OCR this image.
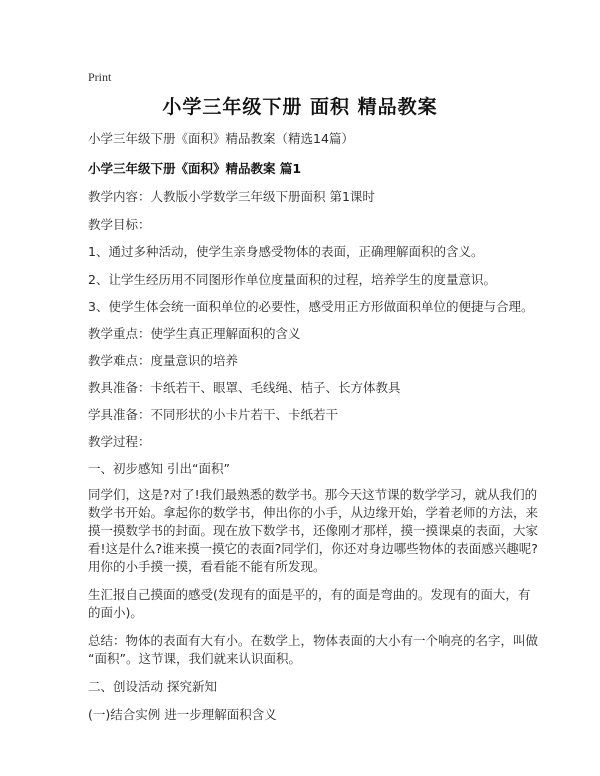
Print
小学三年级下册 面积 精品教案
小学三年级下册《面积》精品教案（精选14篇）
小学三年级下册《面积》精品教案 篇1
教学内容：人教版小学数学三年级下册面积 第1课时
教学目标：
1、通过多种活动，使学生亲身感受物体的表面，正确理解面积的含义。
2、让学生经历用不同图形作单位度量面积的过程，培养学生的度量意识。
3、使学生体会统一面积单位的必要性，感受用正方形做面积单位的便捷与合理。
教学重点：使学生真正理解面积的含义
教学难点：度量意识的培养
教具准备：卡纸若干、眼罩、毛线绳、桔子、长方体教具
学具准备：不同形状的小卡片若干、卡纸若干
教学过程：
一、初步感知 引出“面积”
同学们，这是?对了!我们最熟悉的数学书。那今天这节课的数学学习，就从我们的
数学书开始。拿起你的数学书，伸出你的小手，从边缘开始，学着老师的方法，来
摸一摸数学书的封面。现在放下数学书，还像刚才那样，摸一摸课桌的表面，大家
看!这是什么?谁来摸一摸它的表面?同学们，你还对身边哪些物体的表面感兴趣呢?
用你的小手摸一摸，看看能不能有所发现。
生汇报自己摸面的感受(发现有的面是平的，有的面是弯曲的。发现有的面大，有
的面小)。
总结：物体的表面有大有小。在数学上，物体表面的大小有一个响亮的名字，叫做
“面积”。这节课，我们就来认识面积。
二、创设活动 探究新知
(一)结合实例 进一步理解面积含义
